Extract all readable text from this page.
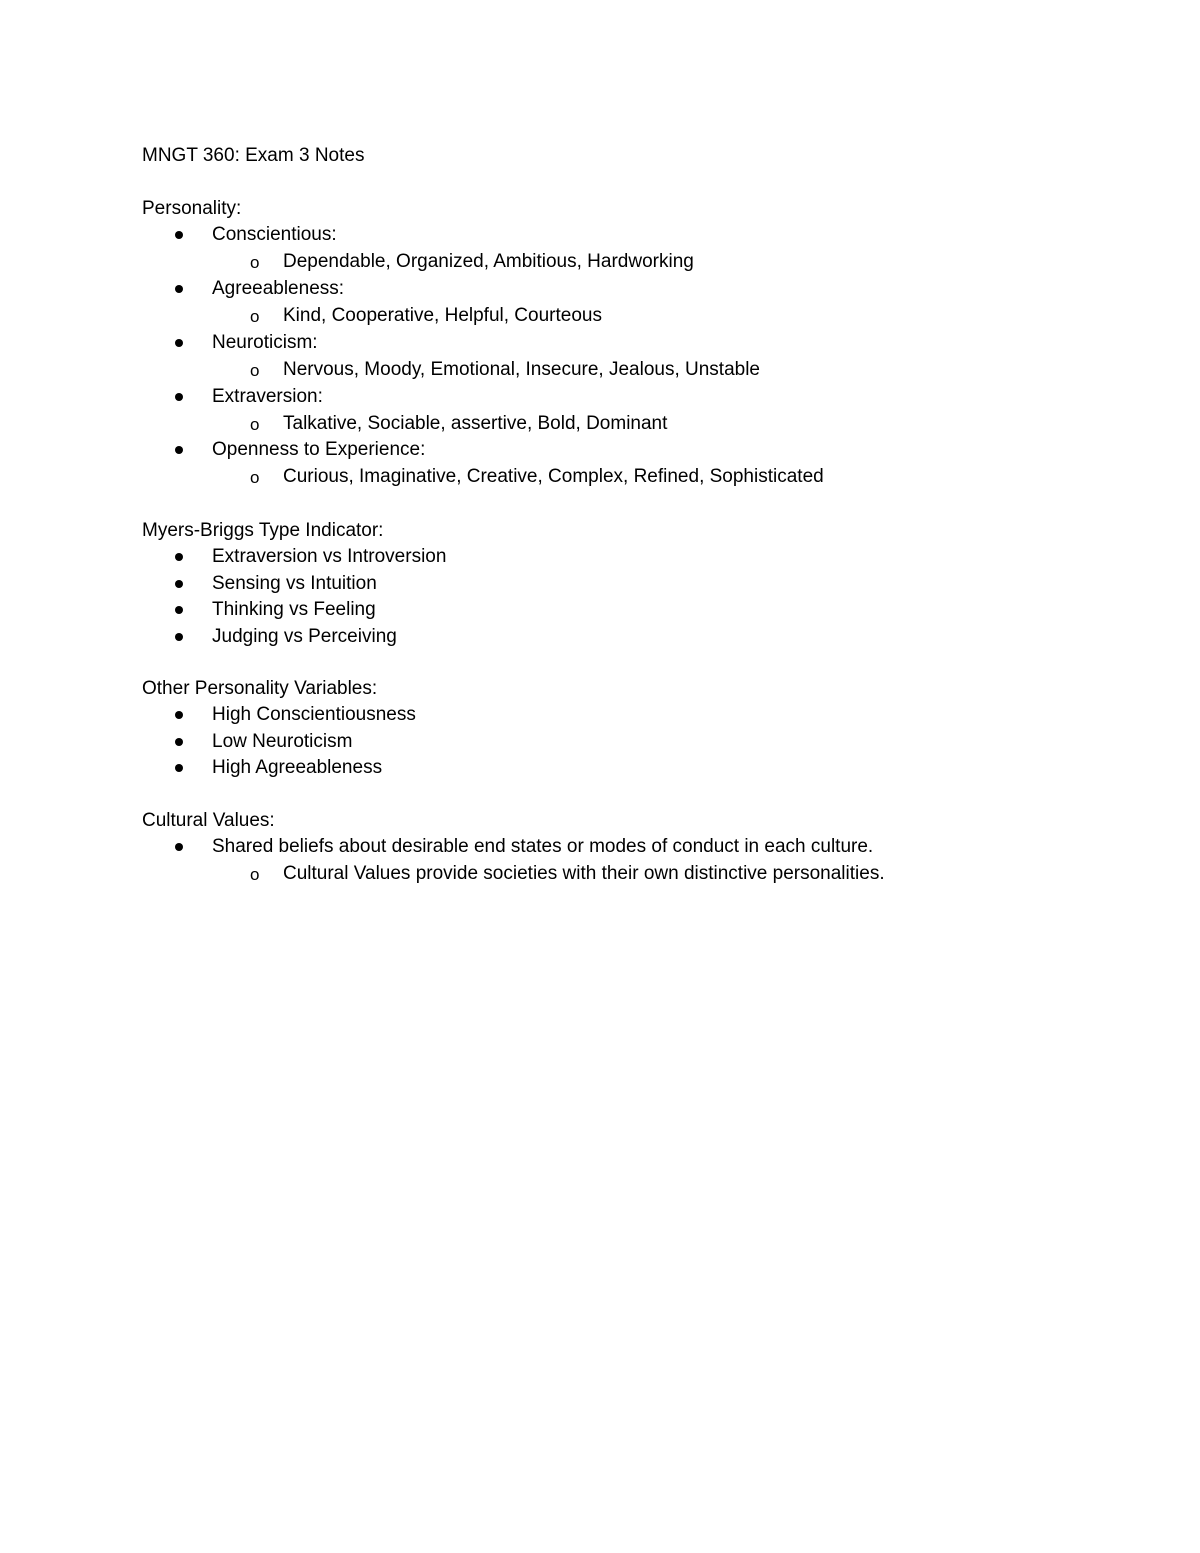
MNGT 360: Exam 3 Notes
Personality:
Conscientious:
o Dependable, Organized, Ambitious, Hardworking
Agreeableness:
o Kind, Cooperative, Helpful, Courteous
Neuroticism:
o Nervous, Moody, Emotional, Insecure, Jealous, Unstable
Extraversion:
o Talkative, Sociable, assertive, Bold, Dominant
Openness to Experience:
o Curious, Imaginative, Creative, Complex, Refined, Sophisticated
Myers-Briggs Type Indicator:
Extraversion vs Introversion
Sensing vs Intuition
Thinking vs Feeling
Judging vs Perceiving
Other Personality Variables:
High Conscientiousness
Low Neuroticism
High Agreeableness
Cultural Values:
Shared beliefs about desirable end states or modes of conduct in each culture.
o Cultural Values provide societies with their own distinctive personalities.
